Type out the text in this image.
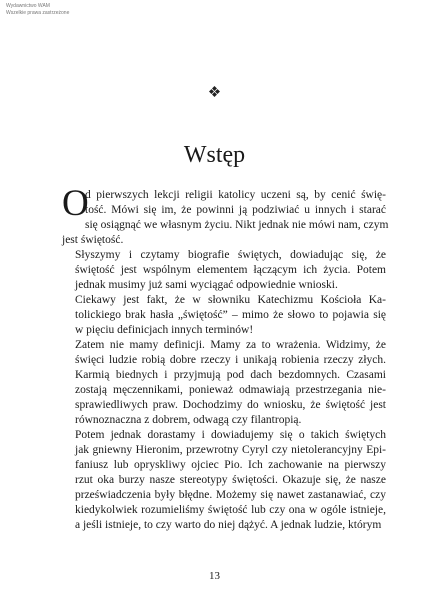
Wydawnictwo WAM
Wszelkie prawa zastrzeżone
❖
Wstęp

O
d pierwszych lekcji religii katolicy uczeni są, by cenić świę-
tość. Mówi się im, że powinni ją podziwiać u innych i starać
się osiągnąć we własnym życiu. Nikt jednak nie mówi nam, czym
jest świętość.

Słyszymy i czytamy biografie świętych, dowiadując się, że
świętość jest wspólnym elementem łączącym ich życia. Potem
jednak musimy już sami wyciągać odpowiednie wnioski.

Ciekawy jest fakt, że w słowniku Katechizmu Kościoła Ka-
tolickiego brak hasła „świętość” – mimo że słowo to pojawia się
w pięciu definicjach innych terminów!

Zatem nie mamy definicji. Mamy za to wrażenia. Widzimy, że
święci ludzie robią dobre rzeczy i unikają robienia rzeczy złych.
Karmią biednych i przyjmują pod dach bezdomnych. Czasami
zostają męczennikami, ponieważ odmawiają przestrzegania nie-
sprawiedliwych praw. Dochodzimy do wniosku, że świętość jest
równoznaczna z dobrem, odwagą czy filantropią.

Potem jednak dorastamy i dowiadujemy się o takich świętych
jak gniewny Hieronim, przewrotny Cyryl czy nietolerancyjny Epi-
faniusz lub opryskliwy ojciec Pio. Ich zachowanie na pierwszy
rzut oka burzy nasze stereotypy świętości. Okazuje się, że nasze
przeświadczenia były błędne. Możemy się nawet zastanawiać, czy
kiedykolwiek rozumieliśmy świętość lub czy ona w ogóle istnieje,
a jeśli istnieje, to czy warto do niej dążyć. A jednak ludzie, którym

13
